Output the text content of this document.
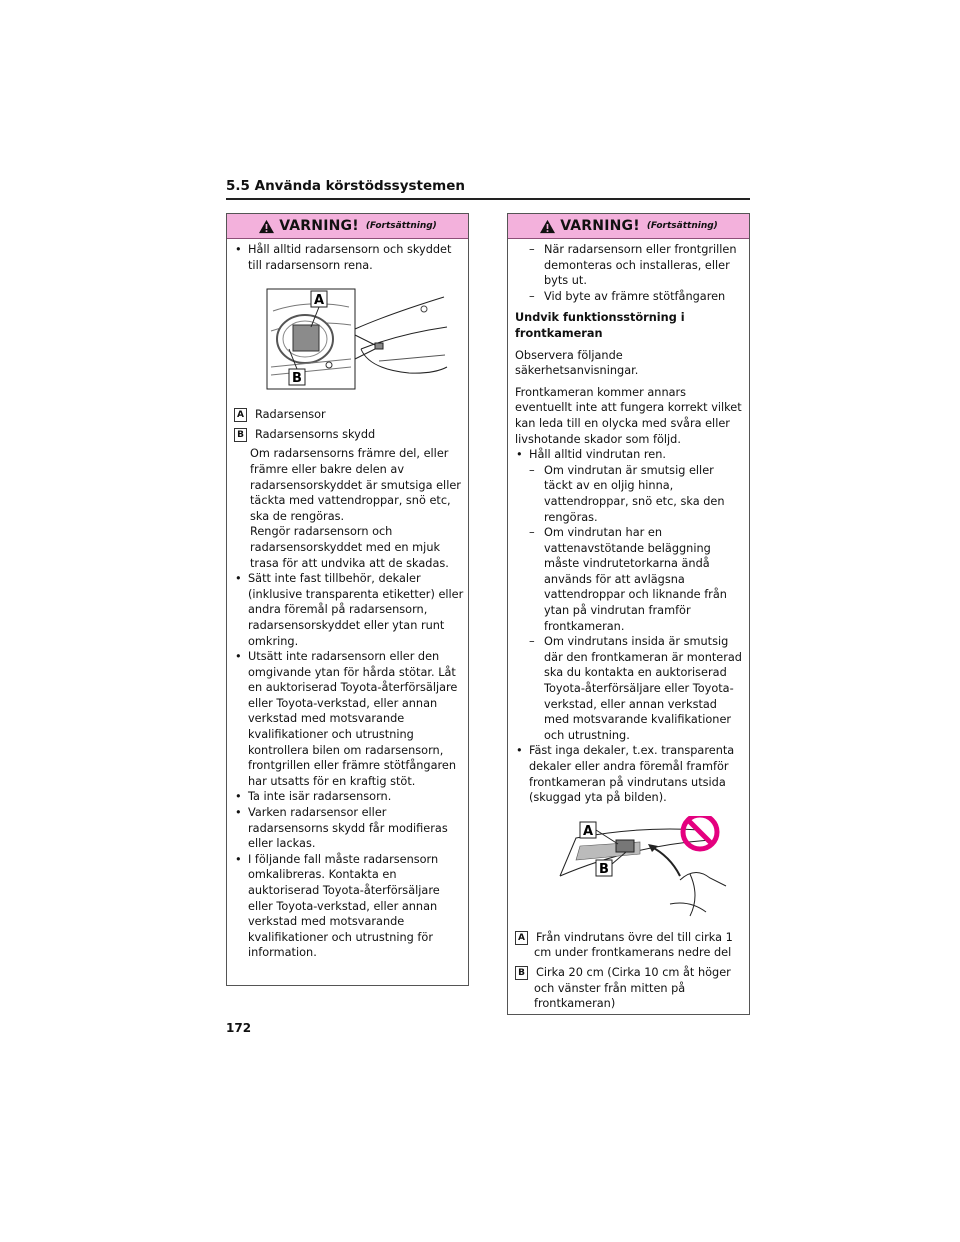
5.5 Använda körstödssystemen
VARNING! (Fortsättning)
• Håll alltid radarsensorn och skyddet till radarsensorn rena.
A
B
A Radarsensor
B Radarsensorns skydd
Om radarsensorns främre del, eller främre eller bakre delen av radarsensorskyddet är smutsiga eller täckta med vattendroppar, snö etc, ska de rengöras.
Rengör radarsensorn och radarsensorskyddet med en mjuk trasa för att undvika att de skadas.
• Sätt inte fast tillbehör, dekaler (inklusive transparenta etiketter) eller andra föremål på radarsensorn, radarsensorskyddet eller ytan runt omkring.
• Utsätt inte radarsensorn eller den omgivande ytan för hårda stötar. Låt en auktoriserad Toyota-återförsäljare eller Toyota-verkstad, eller annan verkstad med motsvarande kvalifikationer och utrustning kontrollera bilen om radarsensorn, frontgrillen eller främre stötfångaren har utsatts för en kraftig stöt.
• Ta inte isär radarsensorn.
• Varken radarsensor eller radarsensorns skydd får modifieras eller lackas.
• I följande fall måste radarsensorn omkalibreras. Kontakta en auktoriserad Toyota-återförsäljare eller Toyota-verkstad, eller annan verkstad med motsvarande kvalifikationer och utrustning för information.
VARNING! (Fortsättning)
– När radarsensorn eller frontgrillen demonteras och installeras, eller byts ut.
– Vid byte av främre stötfångaren
Undvik funktionsstörning i frontkameran
Observera följande säkerhetsanvisningar.
Frontkameran kommer annars eventuellt inte att fungera korrekt vilket kan leda till en olycka med svåra eller livshotande skador som följd.
• Håll alltid vindrutan ren.
– Om vindrutan är smutsig eller täckt av en oljig hinna, vattendroppar, snö etc, ska den rengöras.
– Om vindrutan har en vattenavstötande beläggning måste vindrutetorkarna ändå används för att avlägsna vattendroppar och liknande från ytan på vindrutan framför frontkameran.
– Om vindrutans insida är smutsig där den frontkameran är monterad ska du kontakta en auktoriserad Toyota-återförsäljare eller Toyota-verkstad, eller annan verkstad med motsvarande kvalifikationer och utrustning.
• Fäst inga dekaler, t.ex. transparenta dekaler eller andra föremål framför frontkameran på vindrutans utsida (skuggad yta på bilden).
A
B
A Från vindrutans övre del till cirka 1 cm under frontkamerans nedre del
B Cirka 20 cm (Cirka 10 cm åt höger och vänster från mitten på frontkameran)
172
